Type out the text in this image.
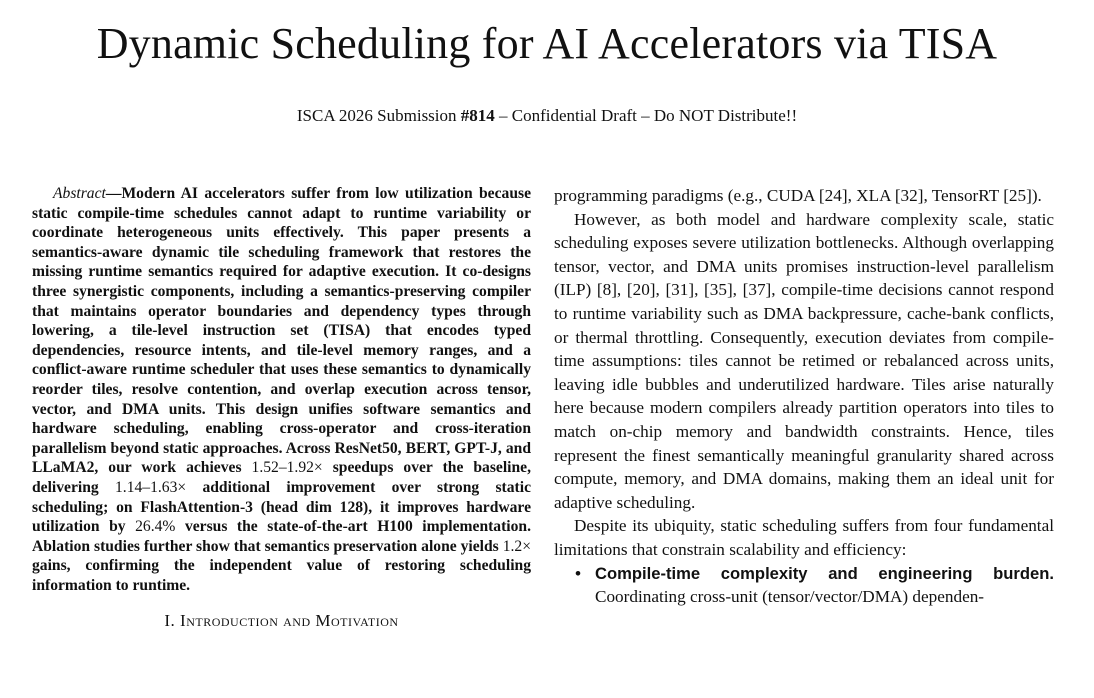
Dynamic Scheduling for AI Accelerators via TISA
ISCA 2026 Submission #814 – Confidential Draft – Do NOT Distribute!!

Abstract—Modern AI accelerators suffer from low utilization because static compile-time schedules cannot adapt to runtime variability or coordinate heterogeneous units effectively. This paper presents a semantics-aware dynamic tile scheduling framework that restores the missing runtime semantics required for adaptive execution. It co-designs three synergistic components, including a semantics-preserving compiler that maintains operator boundaries and dependency types through lowering, a tile-level instruction set (TISA) that encodes typed dependencies, resource intents, and tile-level memory ranges, and a conflict-aware runtime scheduler that uses these semantics to dynamically reorder tiles, resolve contention, and overlap execution across tensor, vector, and DMA units. This design unifies software semantics and hardware scheduling, enabling cross-operator and cross-iteration parallelism beyond static approaches. Across ResNet50, BERT, GPT-J, and LLaMA2, our work achieves 1.52–1.92× speedups over the baseline, delivering 1.14–1.63× additional improvement over strong static scheduling; on FlashAttention-3 (head dim 128), it improves hardware utilization by 26.4% versus the state-of-the-art H100 implementation. Ablation studies further show that semantics preservation alone yields 1.2× gains, confirming the independent value of restoring scheduling information to runtime.

I. Introduction and Motivation

programming paradigms (e.g., CUDA [24], XLA [32], TensorRT [25]).

However, as both model and hardware complexity scale, static scheduling exposes severe utilization bottlenecks. Although overlapping tensor, vector, and DMA units promises instruction-level parallelism (ILP) [8], [20], [31], [35], [37], compile-time decisions cannot respond to runtime variability such as DMA backpressure, cache-bank conflicts, or thermal throttling. Consequently, execution deviates from compile-time assumptions: tiles cannot be retimed or rebalanced across units, leaving idle bubbles and underutilized hardware. Tiles arise naturally here because modern compilers already partition operators into tiles to match on-chip memory and bandwidth constraints. Hence, tiles represent the finest semantically meaningful granularity shared across compute, memory, and DMA domains, making them an ideal unit for adaptive scheduling.

Despite its ubiquity, static scheduling suffers from four fundamental limitations that constrain scalability and efficiency:

• Compile-time complexity and engineering burden. Coordinating cross-unit (tensor/vector/DMA) dependen-
